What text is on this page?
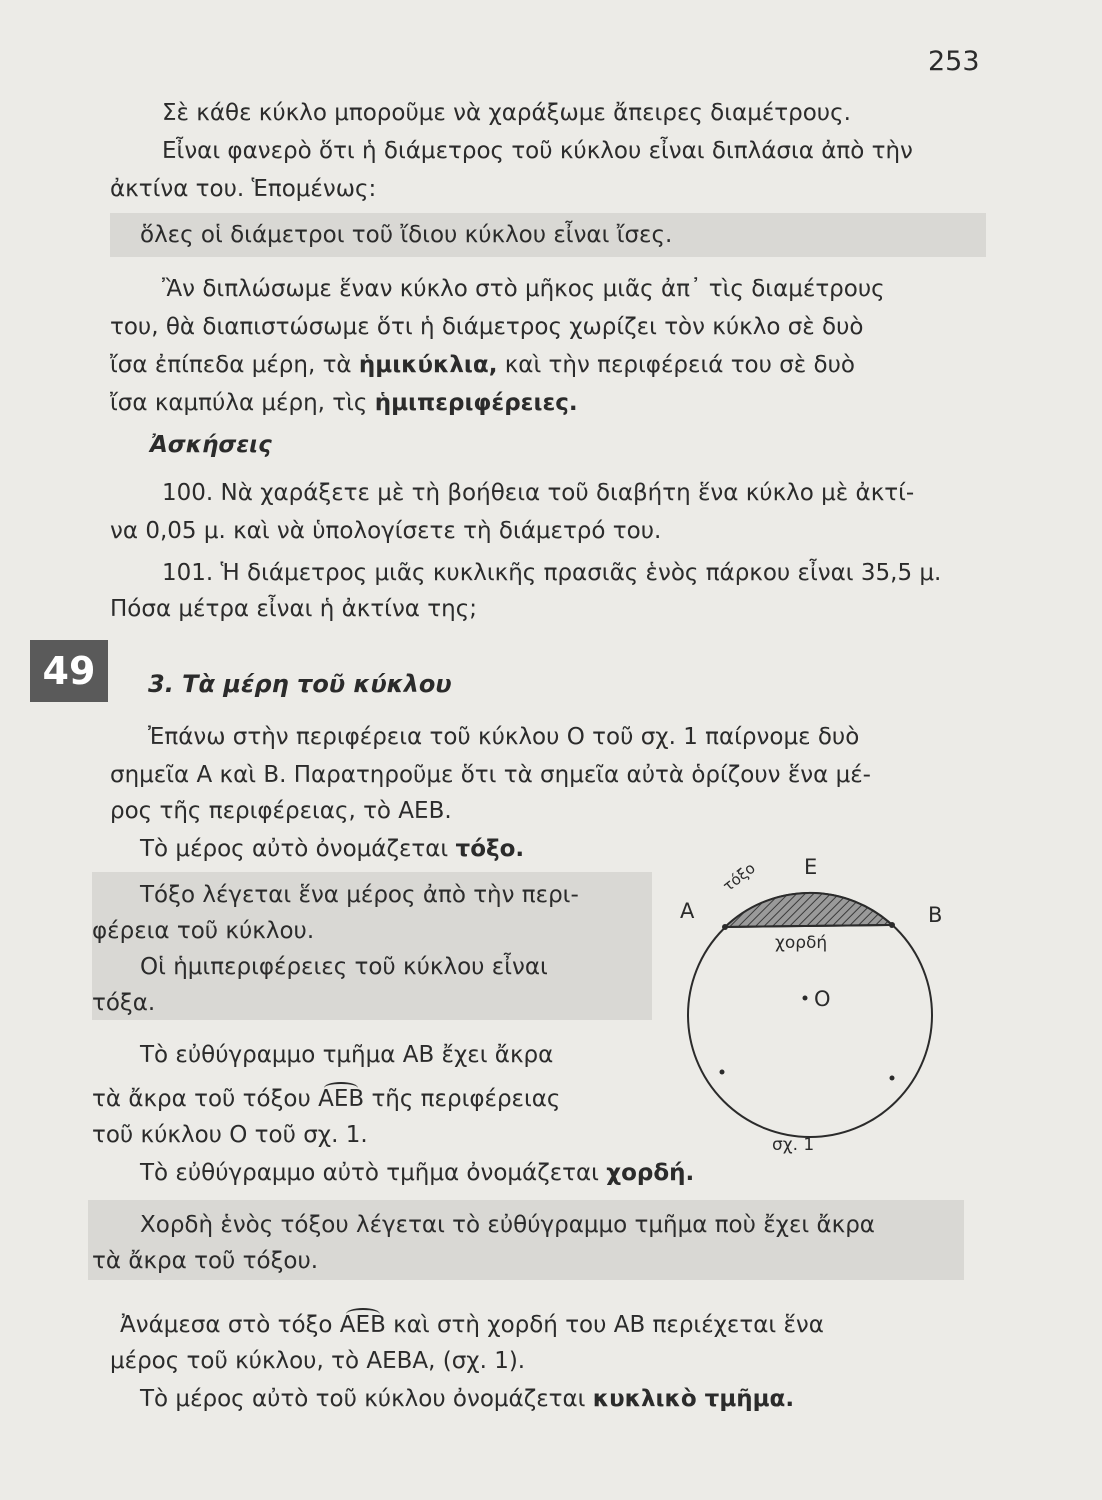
253
Σὲ κάθε κύκλο μποροῦμε νὰ χαράξωμε ἄπειρες διαμέτρους.
Εἶναι φανερὸ ὅτι ἡ διάμετρος τοῦ κύκλου εἶναι διπλάσια ἀπὸ τὴν
ἀκτίνα του. Ἑπομένως:
ὅλες οἱ διάμετροι τοῦ ἴδιου κύκλου εἶναι ἴσες.
Ἂν διπλώσωμε ἕναν κύκλο στὸ μῆκος μιᾶς ἀπ᾽ τὶς διαμέτρους
του, θὰ διαπιστώσωμε ὅτι ἡ διάμετρος χωρίζει τὸν κύκλο σὲ δυὸ
ἴσα ἐπίπεδα μέρη, τὰ ἡμικύκλια, καὶ τὴν περιφέρειά του σὲ δυὸ
ἴσα καμπύλα μέρη, τὶς ἡμιπεριφέρειες.
Ἀσκήσεις
100. Νὰ χαράξετε μὲ τὴ βοήθεια τοῦ διαβήτη ἕνα κύκλο μὲ ἀκτί-
να 0,05 μ. καὶ νὰ ὑπολογίσετε τὴ διάμετρό του.
101. Ἡ διάμετρος μιᾶς κυκλικῆς πρασιᾶς ἑνὸς πάρκου εἶναι 35,5 μ.
Πόσα μέτρα εἶναι ἡ ἀκτίνα της;
49	3. Τὰ μέρη τοῦ κύκλου
Ἐπάνω στὴν περιφέρεια τοῦ κύκλου Ο τοῦ σχ. 1 παίρνομε δυὸ
σημεῖα Α καὶ Β. Παρατηροῦμε ὅτι τὰ σημεῖα αὐτὰ ὁρίζουν ἕνα μέ-
ρος τῆς περιφέρειας, τὸ ΑΕΒ.
Τὸ μέρος αὐτὸ ὀνομάζεται τόξο.
Τόξο λέγεται ἕνα μέρος ἀπὸ τὴν περι-
φέρεια τοῦ κύκλου.
Οἱ ἡμιπεριφέρειες τοῦ κύκλου εἶναι
τόξα.
Τὸ εὐθύγραμμο τμῆμα ΑΒ ἔχει ἄκρα
τὰ ἄκρα τοῦ τόξου
ΑΕΒ τῆς περιφέρειας
τοῦ κύκλου Ο τοῦ σχ. 1.
Τὸ εὐθύγραμμο αὐτὸ τμῆμα ὀνομάζεται χορδή.
Χορδὴ ἑνὸς τόξου λέγεται τὸ εὐθύγραμμο τμῆμα ποὺ ἔχει ἄκρα
τὰ ἄκρα τοῦ τόξου.
Ἀνάμεσα στὸ τόξο
ΑΕΒ καὶ στὴ χορδή του ΑΒ περιέχεται ἕνα
μέρος τοῦ κύκλου, τὸ ΑΕΒΑ, (σχ. 1).
Τὸ μέρος αὐτὸ τοῦ κύκλου ὀνομάζεται κυκλικὸ τμῆμα.
A	B
E
O
τόξο
χορδή
σχ. 1
